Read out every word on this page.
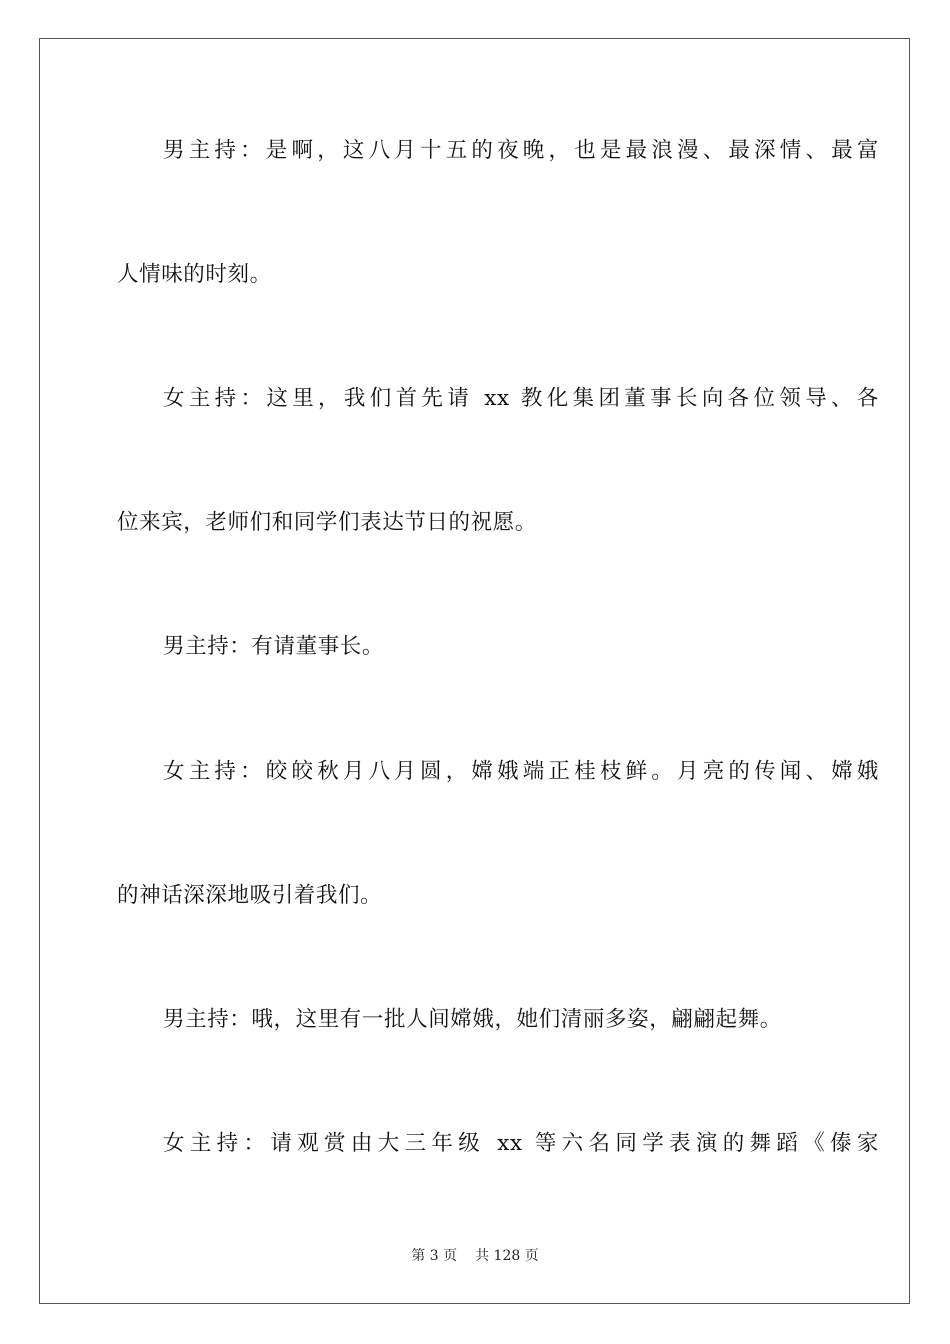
男主持：是啊，这八月十五的夜晚，也是最浪漫、最深情、最富
人情味的时刻。
女主持：这里，我们首先请 xx 教化集团董事长向各位领导、各
位来宾，老师们和同学们表达节日的祝愿。
男主持：有请董事长。
女主持：皎皎秋月八月圆，嫦娥端正桂枝鲜。月亮的传闻、嫦娥
的神话深深地吸引着我们。
男主持：哦，这里有一批人间嫦娥，她们清丽多姿，翩翩起舞。
女主持：请观赏由大三年级 xx 等六名同学表演的舞蹈《傣家
第 3 页 共 128 页
